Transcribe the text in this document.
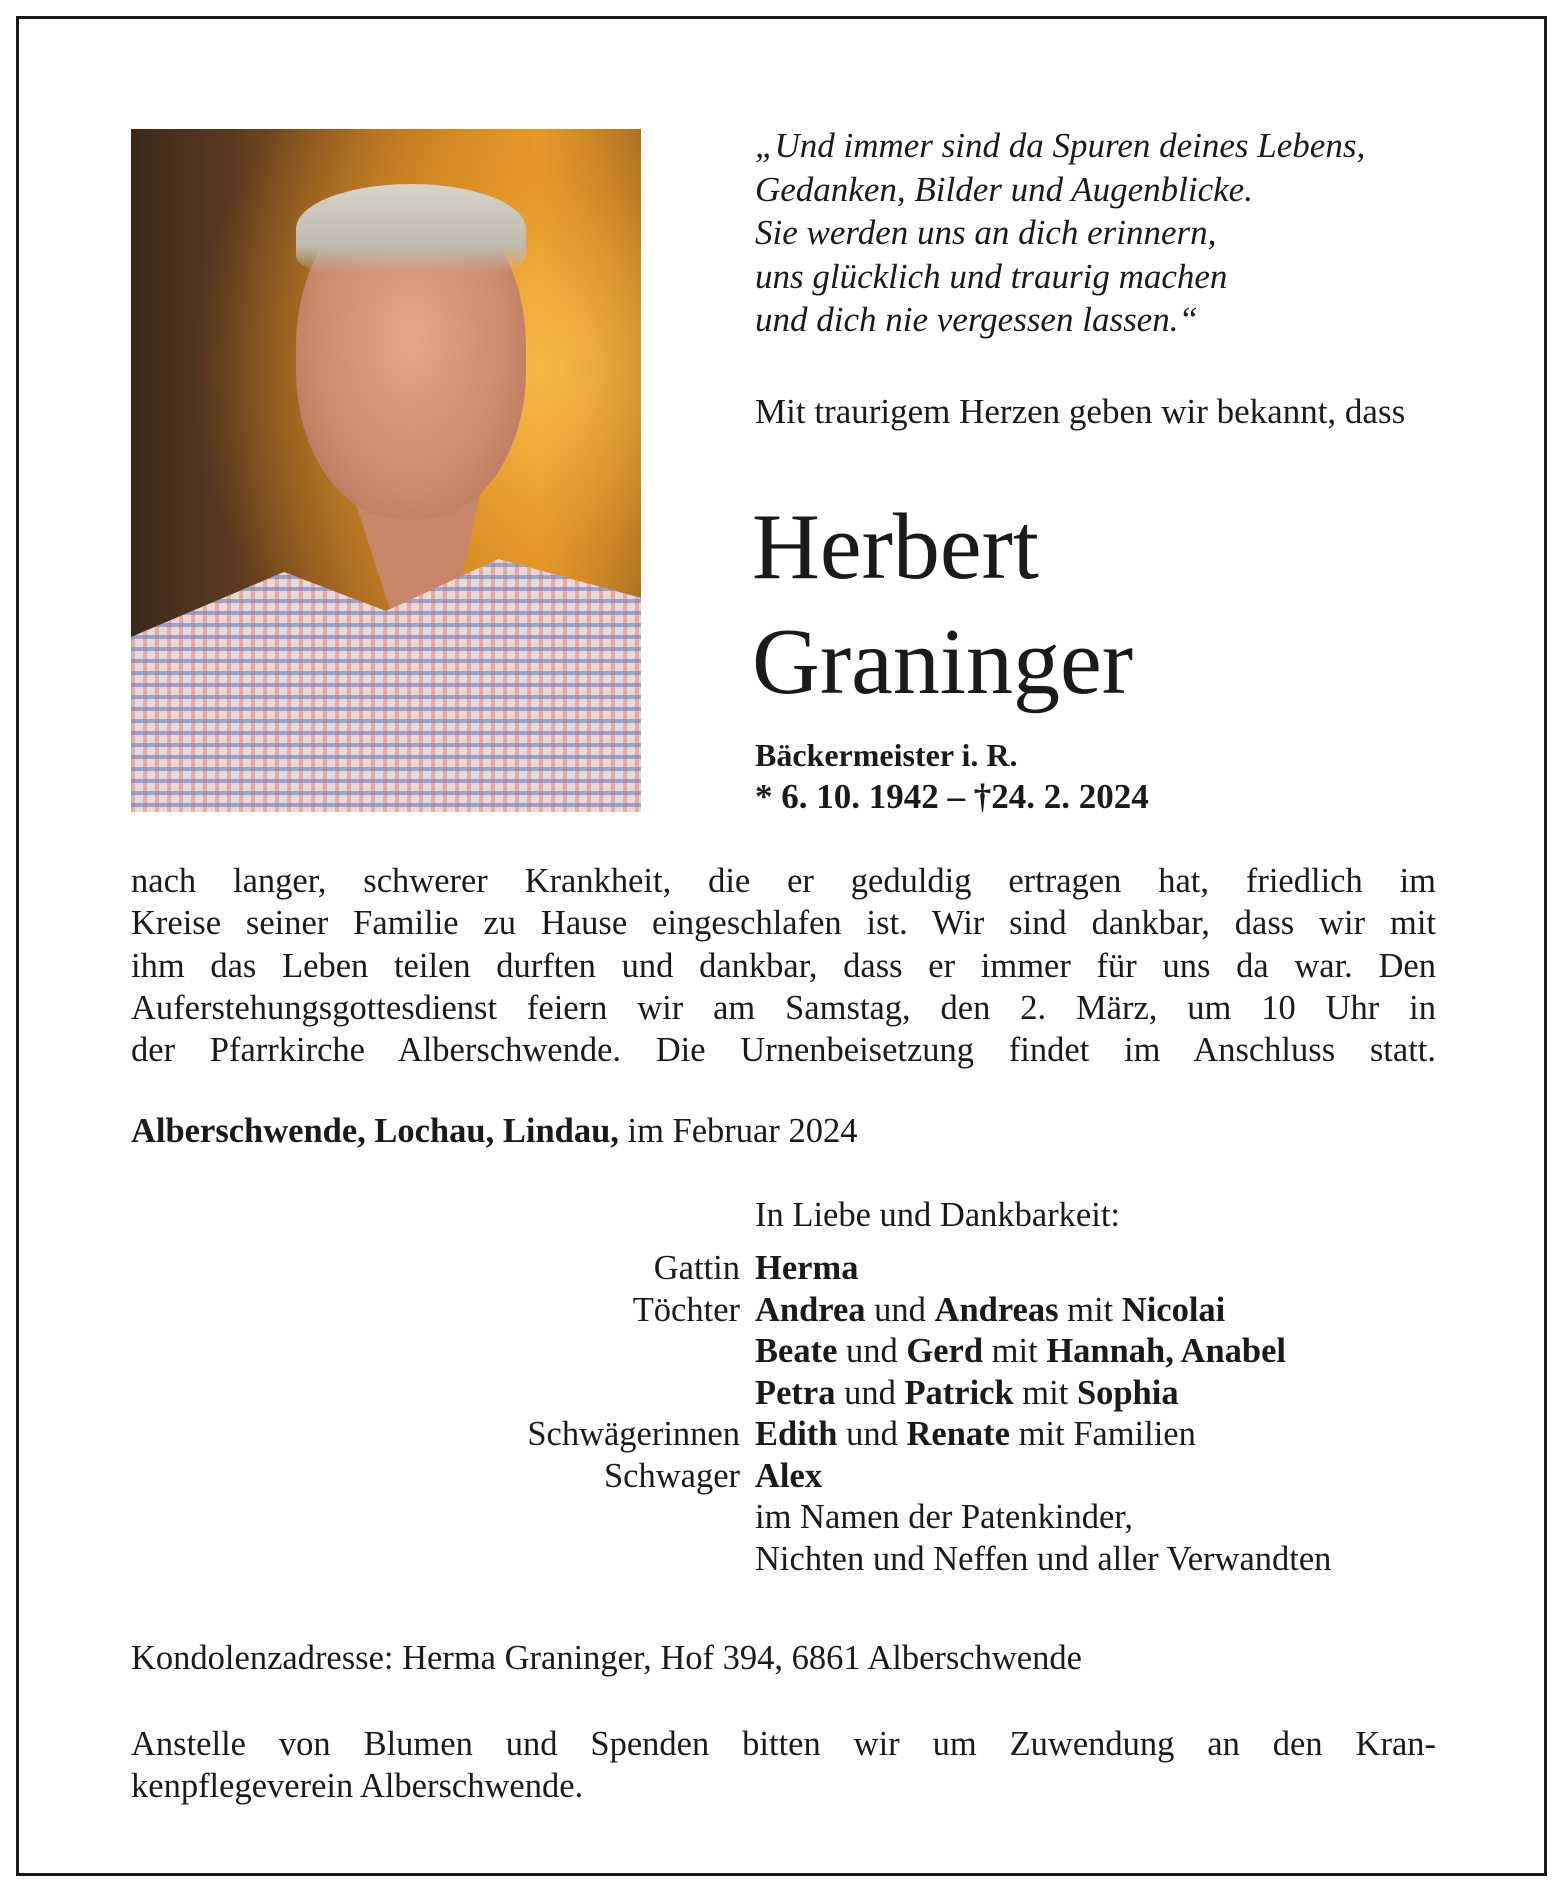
„Und immer sind da Spuren deines Lebens,
Gedanken, Bilder und Augenblicke.
Sie werden uns an dich erinnern,
uns glücklich und traurig machen
und dich nie vergessen lassen.“
Mit traurigem Herzen geben wir bekannt, dass
Herbert
Graninger
Bäckermeister i. R.
* 6. 10. 1942 – †24. 2. 2024
nach langer, schwerer Krankheit, die er geduldig ertragen hat, friedlich im
Kreise seiner Familie zu Hause eingeschlafen ist. Wir sind dankbar, dass wir mit
ihm das Leben teilen durften und dankbar, dass er immer für uns da war. Den
Auferstehungsgottesdienst feiern wir am Samstag, den 2. März, um 10 Uhr in
der Pfarrkirche Alberschwende. Die Urnenbeisetzung findet im Anschluss statt.
Alberschwende, Lochau, Lindau, im Februar 2024
In Liebe und Dankbarkeit:
Gattin Herma
Töchter Andrea und Andreas mit Nicolai
Beate und Gerd mit Hannah, Anabel
Petra und Patrick mit Sophia
Schwägerinnen Edith und Renate mit Familien
Schwager Alex
im Namen der Patenkinder,
Nichten und Neffen und aller Verwandten
Kondolenzadresse: Herma Graninger, Hof 394, 6861 Alberschwende
Anstelle von Blumen und Spenden bitten wir um Zuwendung an den Kran-
kenpflegeverein Alberschwende.
